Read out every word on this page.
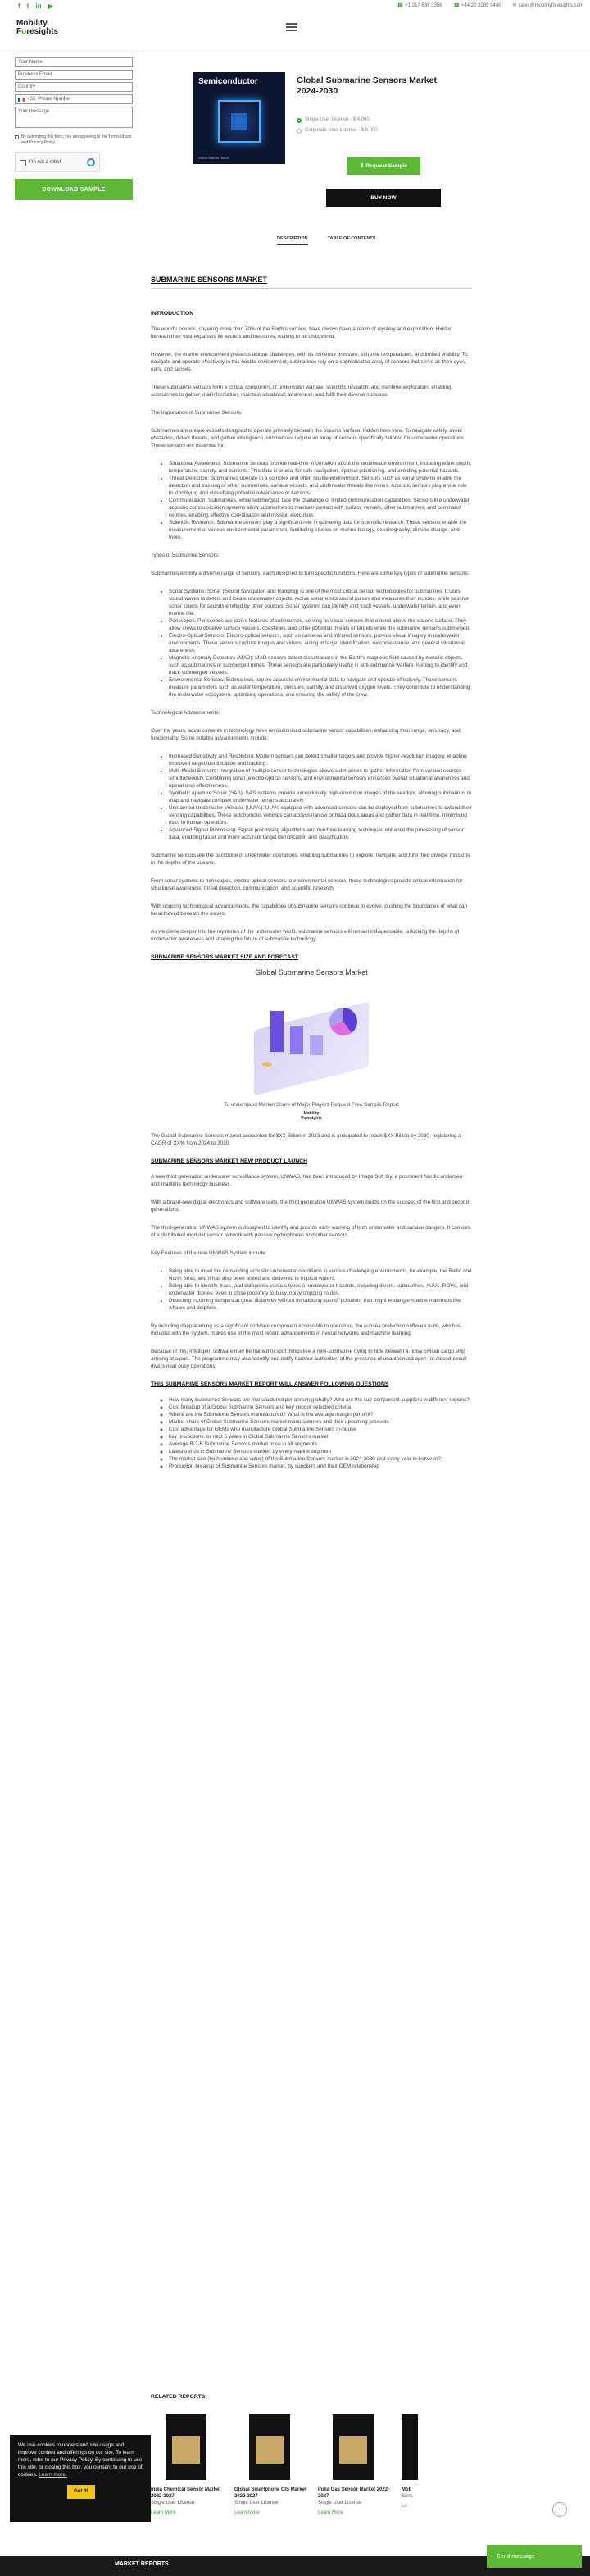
f t in ▶	☎ +1 217 636 3356 ☎ +44 20 3289 9440 ✉ sales@mobilityforesights.com
Mobility
Foresights
Your Name
Business Email
Country
+33 Phone Number
Your message
By submitting this form, you are agreeing to the Terms of use and Privacy Policy.
I'm not a robot
DOWNLOAD SAMPLE
Semiconductor
Global Market Report
Global Submarine Sensors Market 2024-2030
Single User License - $ 4,000
Corporate User License - $ 6,000
⬇ Request Sample
BUY NOW
DESCRIPTION	TABLE OF CONTENTS
SUBMARINE SENSORS MARKET
INTRODUCTION

The world's oceans, covering more than 70% of the Earth's surface, have always been a realm of mystery and exploration. Hidden beneath their vast expanses lie secrets and treasures, waiting to be discovered.

However, the marine environment presents unique challenges, with its immense pressure, extreme temperatures, and limited visibility. To navigate and operate effectively in this hostile environment, submarines rely on a sophisticated array of sensors that serve as their eyes, ears, and senses.

These submarine sensors form a critical component of underwater warfare, scientific research, and maritime exploration, enabling submarines to gather vital information, maintain situational awareness, and fulfil their diverse missions.

The Importance of Submarine Sensors:

Submarines are unique vessels designed to operate primarily beneath the ocean's surface, hidden from view. To navigate safely, avoid obstacles, detect threats, and gather intelligence, submarines require an array of sensors specifically tailored for underwater operations. These sensors are essential for:

• Situational Awareness: Submarine sensors provide real-time information about the underwater environment, including water depth, temperature, salinity, and currents. This data is crucial for safe navigation, optimal positioning, and avoiding potential hazards.
• Threat Detection: Submarines operate in a complex and often hostile environment. Sensors such as sonar systems enable the detection and tracking of other submarines, surface vessels, and underwater threats like mines. Acoustic sensors play a vital role in identifying and classifying potential adversaries or hazards.
• Communication: Submarines, while submerged, face the challenge of limited communication capabilities. Sensors like underwater acoustic communication systems allow submarines to maintain contact with surface vessels, other submarines, and command centres, enabling effective coordination and mission execution.
• Scientific Research: Submarine sensors play a significant role in gathering data for scientific research. These sensors enable the measurement of various environmental parameters, facilitating studies on marine biology, oceanography, climate change, and more.

Types of Submarine Sensors:

Submarines employ a diverse range of sensors, each designed to fulfil specific functions. Here are some key types of submarine sensors:

• Sonar Systems: Sonar (Sound Navigation and Ranging) is one of the most critical sensor technologies for submarines. It uses sound waves to detect and locate underwater objects. Active sonar emits sound pulses and measures their echoes, while passive sonar listens for sounds emitted by other sources. Sonar systems can identify and track vessels, underwater terrain, and even marine life.
• Periscopes: Periscopes are iconic features of submarines, serving as visual sensors that extend above the water's surface. They allow crews to observe surface vessels, coastlines, and other potential threats or targets while the submarine remains submerged.
• Electro-Optical Sensors: Electro-optical sensors, such as cameras and infrared sensors, provide visual imagery in underwater environments. These sensors capture images and videos, aiding in target identification, reconnaissance, and general situational awareness.
• Magnetic Anomaly Detectors (MAD): MAD sensors detect disturbances in the Earth's magnetic field caused by metallic objects, such as submarines or submerged mines. These sensors are particularly useful in anti-submarine warfare, helping to identify and track submerged vessels.
• Environmental Sensors: Submarines require accurate environmental data to navigate and operate effectively. These sensors measure parameters such as water temperature, pressure, salinity, and dissolved oxygen levels. They contribute to understanding the underwater ecosystem, optimising operations, and ensuring the safety of the crew.

Technological Advancements:

Over the years, advancements in technology have revolutionised submarine sensor capabilities, enhancing their range, accuracy, and functionality. Some notable advancements include:

• Increased Sensitivity and Resolution: Modern sensors can detect smaller targets and provide higher-resolution imagery, enabling improved target identification and tracking.
• Multi-Modal Sensors: Integration of multiple sensor technologies allows submarines to gather information from various sources simultaneously. Combining sonar, electro-optical sensors, and environmental sensors enhances overall situational awareness and operational effectiveness.
• Synthetic Aperture Sonar (SAS): SAS systems provide exceptionally high-resolution images of the seafloor, allowing submarines to map and navigate complex underwater terrains accurately.
• Unmanned Underwater Vehicles (UUVs): UUVs equipped with advanced sensors can be deployed from submarines to extend their sensing capabilities. These autonomous vehicles can access narrow or hazardous areas and gather data in real-time, minimising risks to human operators.
• Advanced Signal Processing: Signal processing algorithms and machine learning techniques enhance the processing of sensor data, enabling faster and more accurate target identification and classification.

Submarine sensors are the backbone of underwater operations, enabling submarines to explore, navigate, and fulfil their diverse missions in the depths of the oceans.

From sonar systems to periscopes, electro-optical sensors to environmental sensors, these technologies provide critical information for situational awareness, threat detection, communication, and scientific research.

With ongoing technological advancements, the capabilities of submarine sensors continue to evolve, pushing the boundaries of what can be achieved beneath the waves.

As we delve deeper into the mysteries of the underwater world, submarine sensors will remain indispensable, unlocking the depths of underwater awareness and shaping the future of submarine technology.

SUBMARINE SENSORS MARKET SIZE AND FORECAST
Global Submarine Sensors Market
To understand Market Share of Major Players Request Free Sample Report
Mobility
Foresights

The Global Submarine Sensors market accounted for $XX Billion in 2023 and is anticipated to reach $XX Billion by 2030, registering a CAGR of XX% from 2024 to 2030.

SUBMARINE SENSORS MARKET NEW PRODUCT LAUNCH

A new third generation underwater surveillance system, UNWAS, has been introduced by Image Soft Oy, a prominent Nordic undersea and maritime technology business.

With a brand-new digital electronics and software suite, the third generation UNWAS system builds on the success of the first and second generations.

The third-generation UNWAS system is designed to identify and provide early warning of both underwater and surface dangers. It consists of a distributed modular sensor network with passive hydrophones and other sensors.

Key Features of the new UNWAS System include:

• Being able to meet the demanding acoustic underwater conditions in various challenging environments, for example, the Baltic and North Seas, and it has also been tested and delivered in tropical waters.
• Being able to identify, track, and categorise various types of underwater hazards, including divers, submarines, AUVs, ROVs, and underwater drones, even in close proximity to busy, noisy shipping routes.
• Detecting incoming dangers at great distances without introducing sound "pollution" that might endanger marine mammals like whales and dolphins.

By including deep learning as a significant software component accessible to operators, the subsea protection software suite, which is included with the system, makes use of the most recent advancements in neural networks and machine learning.

Because of this, intelligent software may be trained to spot things like a mini-submarine trying to hide beneath a noisy civilian cargo ship arriving at a port. The programme may also identify and notify harbour authorities of the presence of unauthorised open- or closed-circuit divers near busy operations.

THIS SUBMARINE SENSORS MARKET REPORT WILL ANSWER FOLLOWING QUESTIONS
◦ How many Submarine Sensors are manufactured per annum globally? Who are the sub-component suppliers in different regions?
◦ Cost breakup of a Global Submarine Sensors and key vendor selection criteria
◦ Where are the Submarine Sensors manufactured? What is the average margin per unit?
◦ Market share of Global Submarine Sensors market manufacturers and their upcoming products
◦ Cost advantage for OEMs who manufacture Global Submarine Sensors in-house
◦ key predictions for next 5 years in Global Submarine Sensors market
◦ Average B-2-B Submarine Sensors market price in all segments
◦ Latest trends in Submarine Sensors market, by every market segment
◦ The market size (both volume and value) of the Submarine Sensors market in 2024-2030 and every year in between?
◦ Production breakup of Submarine Sensors market, by suppliers and their OEM relationship
RELATED REPORTS
India Chemical Sensor Market 2022-2027
Single User License
Learn More
Global Smartphone CIS Market 2022-2027
Single User License
Learn More
India Gas Sensor Market 2022-2027
Single User License
Learn More
Mob
Sens
Le
We use cookies to understand site usage and improve content and offerings on our site. To learn more, refer to our Privacy Policy. By continuing to use this site, or closing this box, you consent to our use of cookies. Learn more.
Got It!
↑
MARKET REPORTS
Send message
